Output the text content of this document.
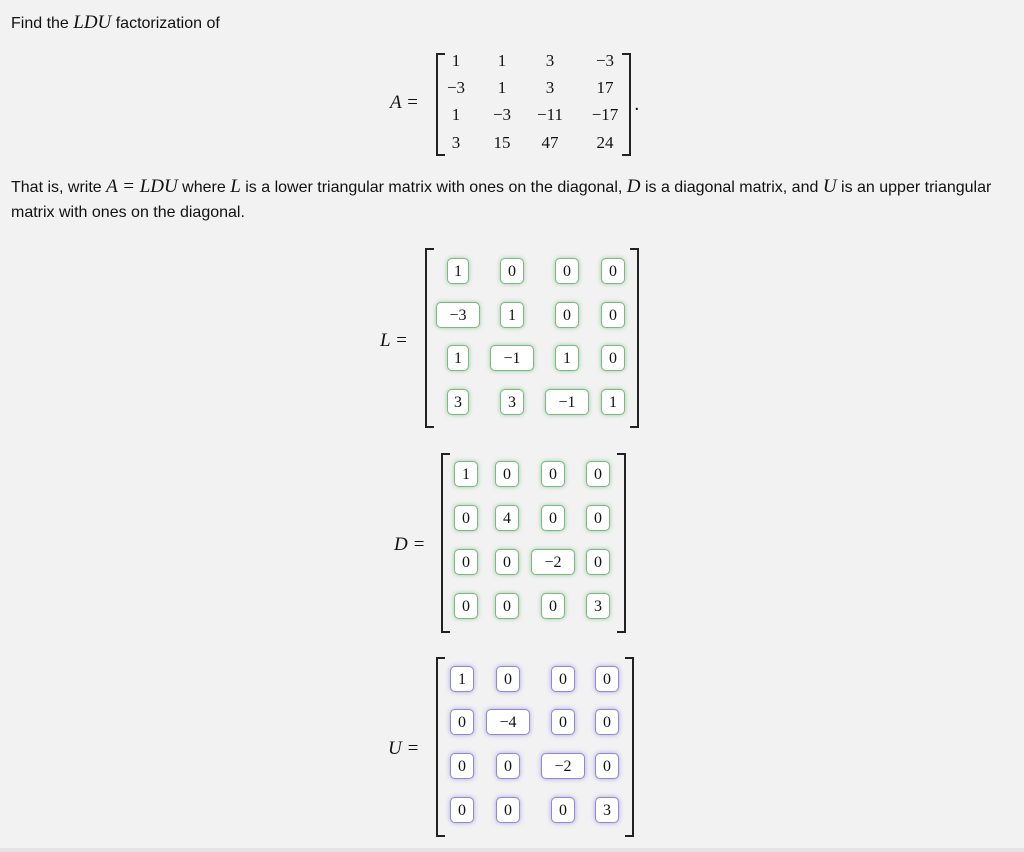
Find the LDU factorization of
A =
1	1	3	−3
−3	1	3	17
1	−3	−11	−17
3	15	47	24
.
That is, write A = LDU where L is a lower triangular matrix with ones on the diagonal, D is a diagonal matrix, and U is an upper triangular matrix with ones on the diagonal.
L =
1	0	0	0
−3	1	0	0
1	−1	1	0
3	3	−1	1
D =
1	0	0	0
0	4	0	0
0	0	−2	0
0	0	0	3
U =
1	0	0	0
0	−4	0	0
0	0	−2	0
0	0	0	3
